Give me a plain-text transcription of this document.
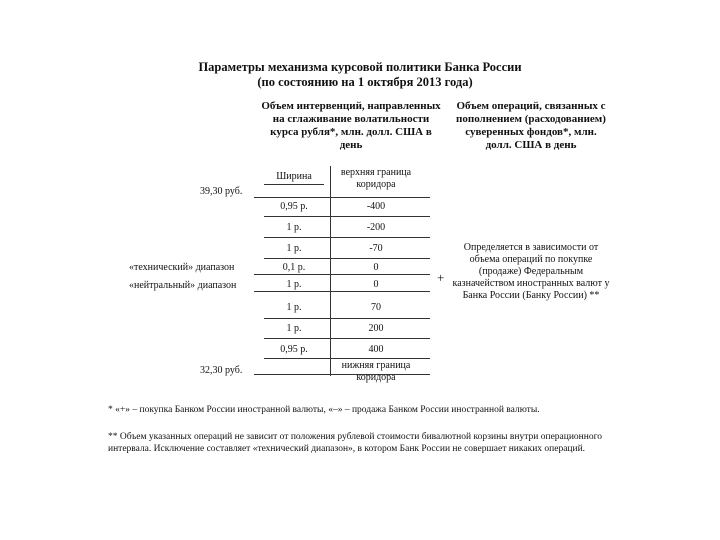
Параметры механизма курсовой политики Банка России
(по состоянию на 1 октября 2013 года)
Объем интервенций, направленных на сглаживание волатильности курса рубля*, млн. долл. США в день
Объем операций, связанных с пополнением (расходованием) суверенных фондов*, млн. долл. США в день
39,30 руб.
«технический» диапазон
«нейтральный» диапазон
32,30 руб.
Ширина	верхняя граница коридора
0,95 р.
1 р.
1 р.
0,1 р.
1 р.
1 р.
1 р.
0,95 р.
-400
-200
-70
0
0
70
200
400
нижняя граница коридора
+
Определяется в зависимости от объема операций по покупке (продаже) Федеральным казначейством иностранных валют у Банка России (Банку России) **
* «+» – покупка Банком России иностранной валюты, «–» – продажа Банком России иностранной валюты.
** Объем указанных операций не зависит от положения рублевой стоимости бивалютной корзины внутри операционного интервала. Исключение составляет «технический диапазон», в котором Банк России не совершает никаких операций.
